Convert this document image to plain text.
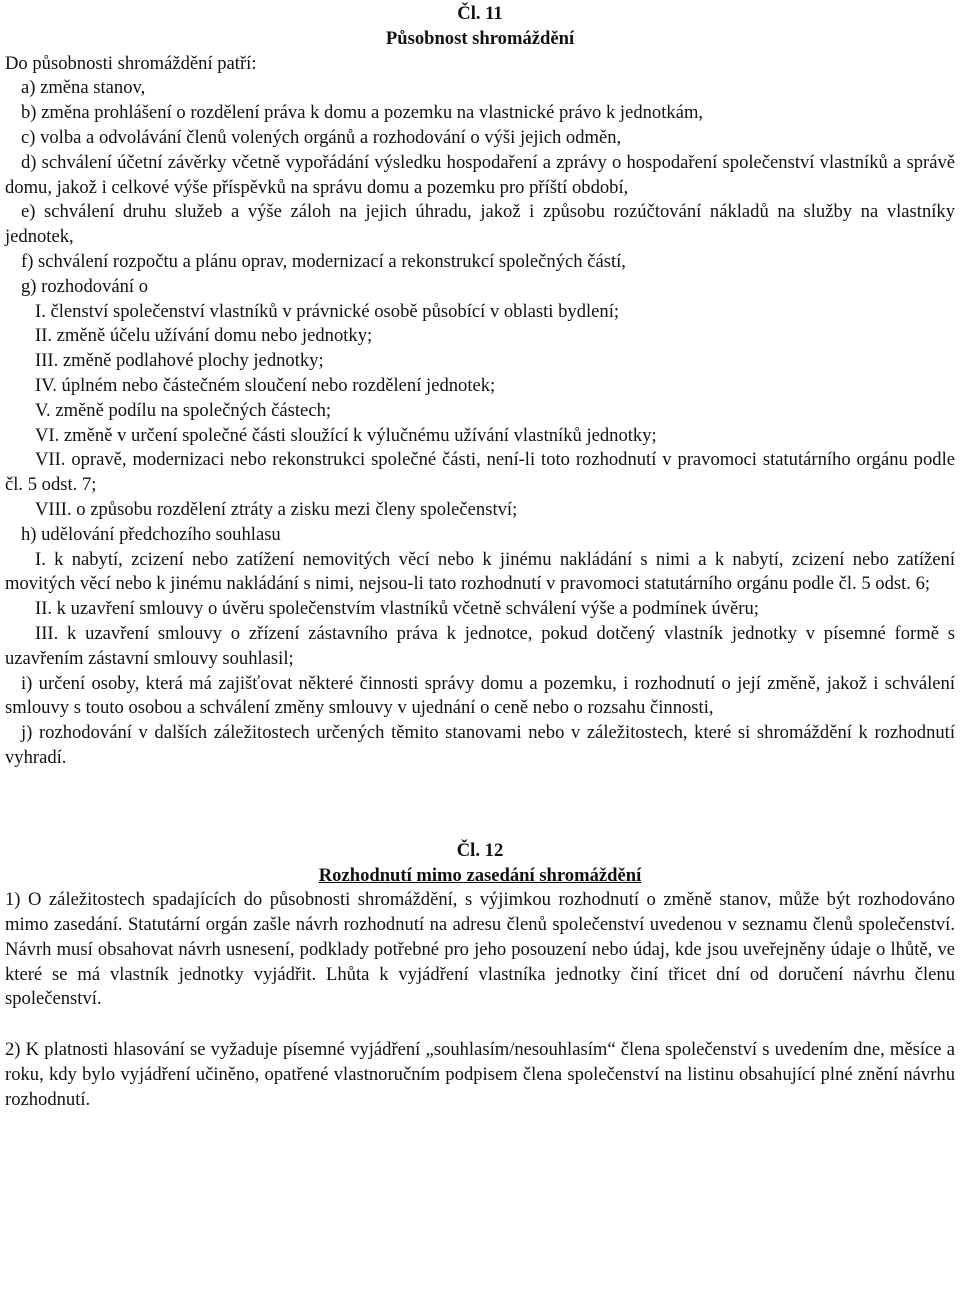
Čl. 11

Působnost shromáždění

Do působnosti shromáždění patří:

a) změna stanov,

b) změna prohlášení o rozdělení práva k domu a pozemku na vlastnické právo k jednotkám,

c) volba a odvolávání členů volených orgánů a rozhodování o výši jejich odměn,

d) schválení účetní závěrky včetně vypořádání výsledku hospodaření a zprávy o hospodaření společenství vlastníků a správě domu, jakož i celkové výše příspěvků na správu domu a pozemku pro příští období,

e) schválení druhu služeb a výše záloh na jejich úhradu, jakož i způsobu rozúčtování nákladů na služby na vlastníky jednotek,

f) schválení rozpočtu a plánu oprav, modernizací a rekonstrukcí společných částí,

g) rozhodování o

I. členství společenství vlastníků v právnické osobě působící v oblasti bydlení;

II. změně účelu užívání domu nebo jednotky;

III. změně podlahové plochy jednotky;

IV. úplném nebo částečném sloučení nebo rozdělení jednotek;

V. změně podílu na společných částech;

VI. změně v určení společné části sloužící k výlučnému užívání vlastníků jednotky;

VII. opravě, modernizaci nebo rekonstrukci společné části, není-li toto rozhodnutí v pravomoci statutárního orgánu podle čl. 5 odst. 7;

VIII. o způsobu rozdělení ztráty a zisku mezi členy společenství;

h) udělování předchozího souhlasu

I. k nabytí, zcizení nebo zatížení nemovitých věcí nebo k jinému nakládání s nimi a k nabytí, zcizení nebo zatížení movitých věcí nebo k jinému nakládání s nimi, nejsou-li tato rozhodnutí v pravomoci statutárního orgánu podle čl. 5 odst. 6;

II. k uzavření smlouvy o úvěru společenstvím vlastníků včetně schválení výše a podmínek úvěru;

III. k uzavření smlouvy o zřízení zástavního práva k jednotce, pokud dotčený vlastník jednotky v písemné formě s uzavřením zástavní smlouvy souhlasil;

i) určení osoby, která má zajišťovat některé činnosti správy domu a pozemku, i rozhodnutí o její změně, jakož i schválení smlouvy s touto osobou a schválení změny smlouvy v ujednání o ceně nebo o rozsahu činnosti,

j) rozhodování v dalších záležitostech určených těmito stanovami nebo v záležitostech, které si shromáždění k rozhodnutí vyhradí.

Čl. 12

Rozhodnutí mimo zasedání shromáždění

1) O záležitostech spadajících do působnosti shromáždění, s výjimkou rozhodnutí o změně stanov, může být rozhodováno mimo zasedání. Statutární orgán zašle návrh rozhodnutí na adresu členů společenství uvedenou v seznamu členů společenství. Návrh musí obsahovat návrh usnesení, podklady potřebné pro jeho posouzení nebo údaj, kde jsou uveřejněny údaje o lhůtě, ve které se má vlastník jednotky vyjádřit. Lhůta k vyjádření vlastníka jednotky činí třicet dní od doručení návrhu členu společenství.

2) K platnosti hlasování se vyžaduje písemné vyjádření „souhlasím/nesouhlasím“ člena společenství s uvedením dne, měsíce a roku, kdy bylo vyjádření učiněno, opatřené vlastnoručním podpisem člena společenství na listinu obsahující plné znění návrhu rozhodnutí.
